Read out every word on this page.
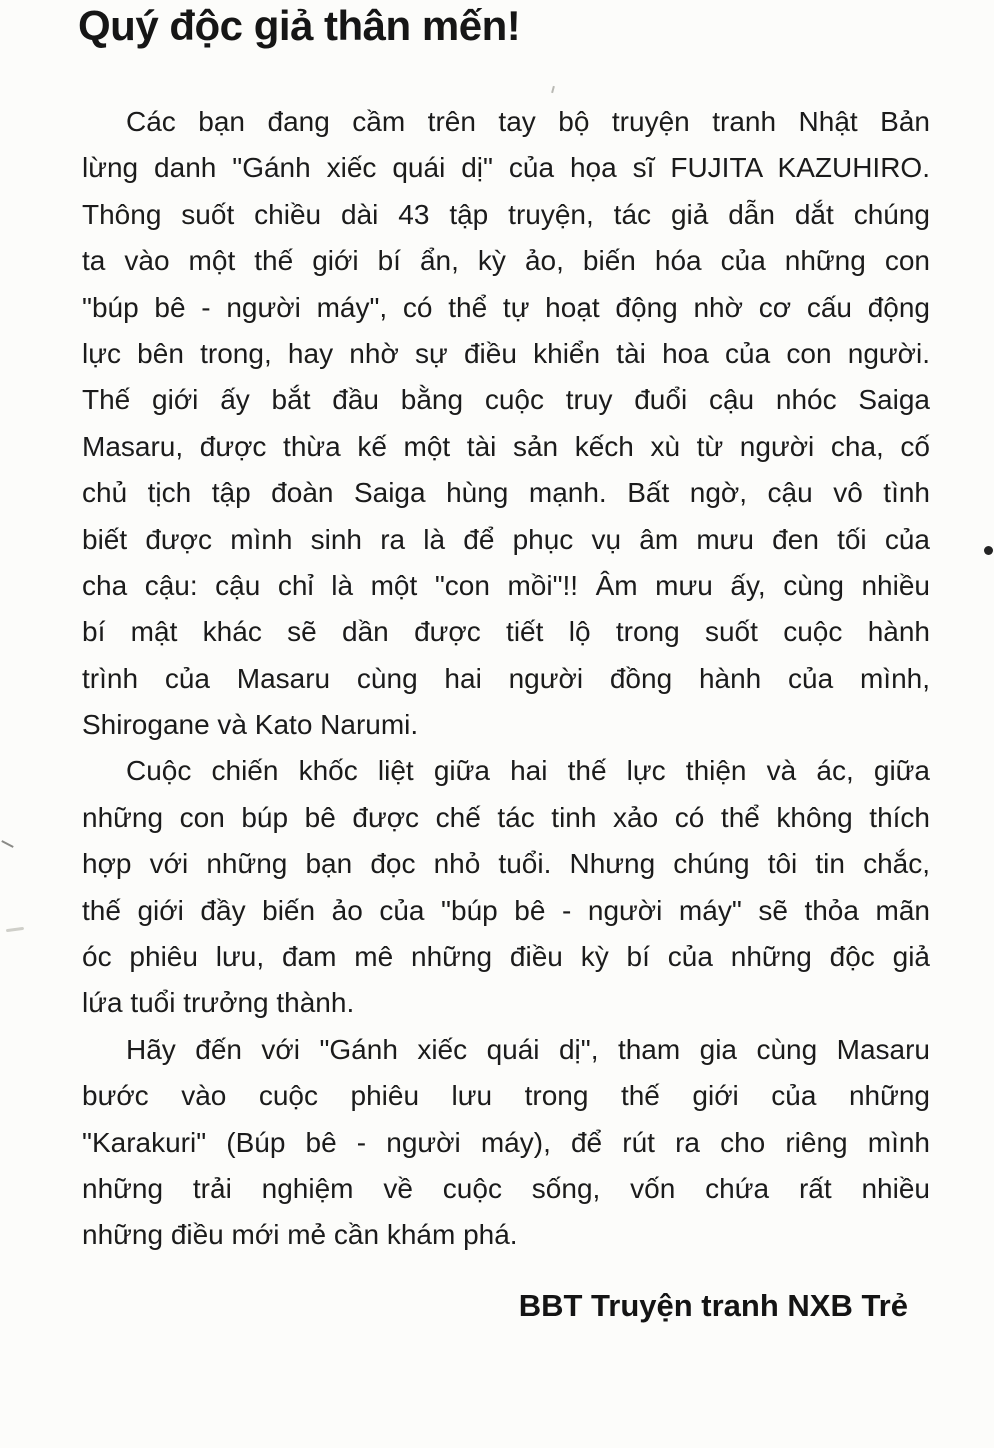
Quý độc giả thân mến!
Các bạn đang cầm trên tay bộ truyện tranh Nhật Bản
lừng danh "Gánh xiếc quái dị" của họa sĩ FUJITA KAZUHIRO.
Thông suốt chiều dài 43 tập truyện, tác giả dẫn dắt chúng
ta vào một thế giới bí ẩn, kỳ ảo, biến hóa của những con
"búp bê - người máy", có thể tự hoạt động nhờ cơ cấu động
lực bên trong, hay nhờ sự điều khiển tài hoa của con người.
Thế giới ấy bắt đầu bằng cuộc truy đuổi cậu nhóc Saiga
Masaru, được thừa kế một tài sản kếch xù từ người cha, cố
chủ tịch tập đoàn Saiga hùng mạnh. Bất ngờ, cậu vô tình
biết được mình sinh ra là để phục vụ âm mưu đen tối của
cha cậu: cậu chỉ là một "con mồi"!! Âm mưu ấy, cùng nhiều
bí mật khác sẽ dần được tiết lộ trong suốt cuộc hành
trình của Masaru cùng hai người đồng hành của mình,
Shirogane và Kato Narumi.
Cuộc chiến khốc liệt giữa hai thế lực thiện và ác, giữa
những con búp bê được chế tác tinh xảo có thể không thích
hợp với những bạn đọc nhỏ tuổi. Nhưng chúng tôi tin chắc,
thế giới đầy biến ảo của "búp bê - người máy" sẽ thỏa mãn
óc phiêu lưu, đam mê những điều kỳ bí của những độc giả
lứa tuổi trưởng thành.
Hãy đến với "Gánh xiếc quái dị", tham gia cùng Masaru
bước vào cuộc phiêu lưu trong thế giới của những
"Karakuri" (Búp bê - người máy), để rút ra cho riêng mình
những trải nghiệm về cuộc sống, vốn chứa rất nhiều
những điều mới mẻ cần khám phá.
BBT Truyện tranh NXB Trẻ
